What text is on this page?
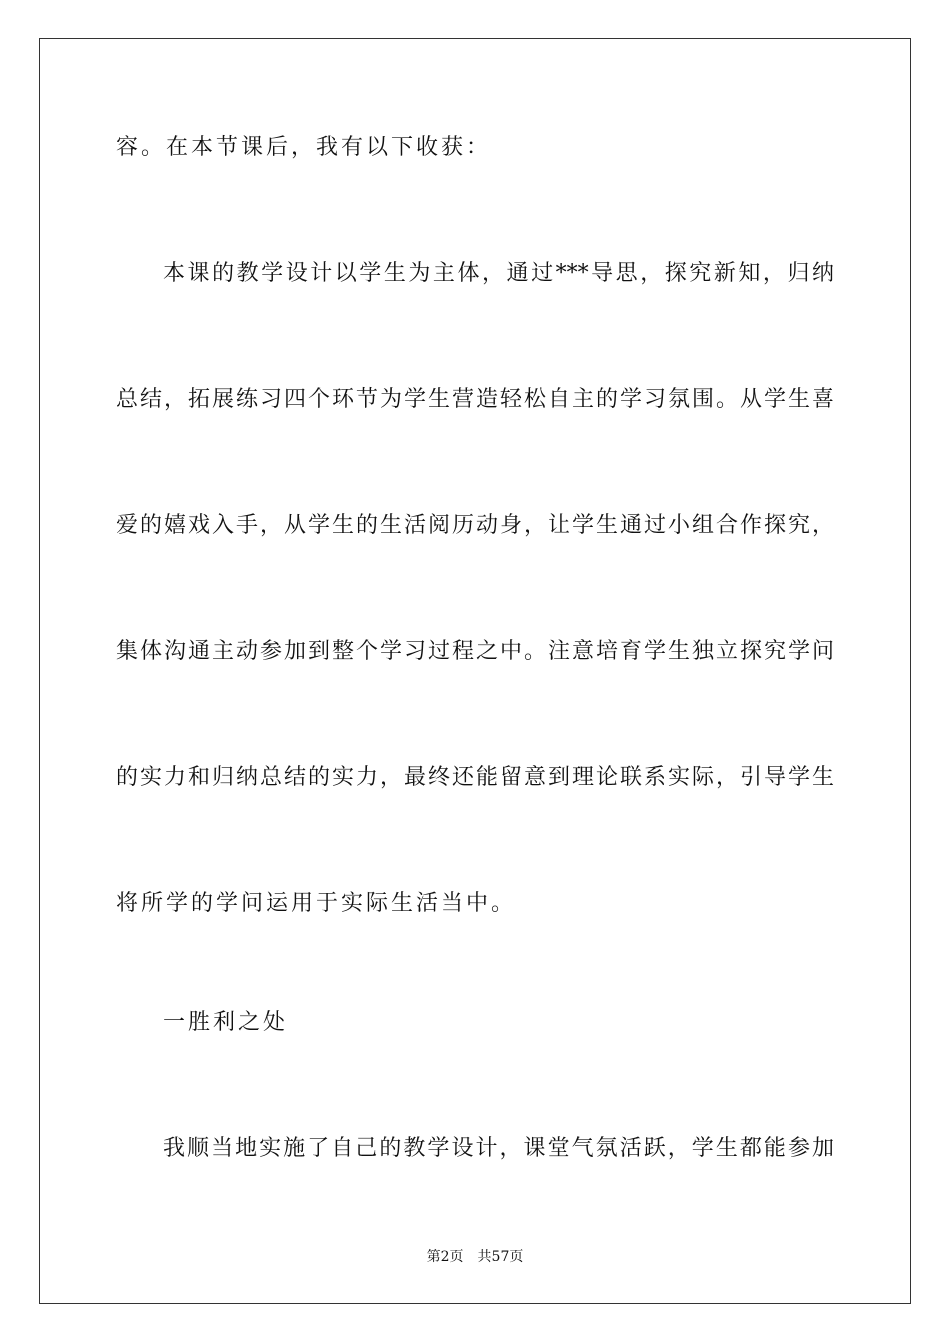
容。在本节课后，我有以下收获：
本课的教学设计以学生为主体，通过***导思，探究新知，归纳
总结，拓展练习四个环节为学生营造轻松自主的学习氛围。从学生喜
爱的嬉戏入手，从学生的生活阅历动身，让学生通过小组合作探究，
集体沟通主动参加到整个学习过程之中。注意培育学生独立探究学问
的实力和归纳总结的实力，最终还能留意到理论联系实际，引导学生
将所学的学问运用于实际生活当中。
一胜利之处
我顺当地实施了自己的教学设计，课堂气氛活跃，学生都能参加
第2页 共57页
